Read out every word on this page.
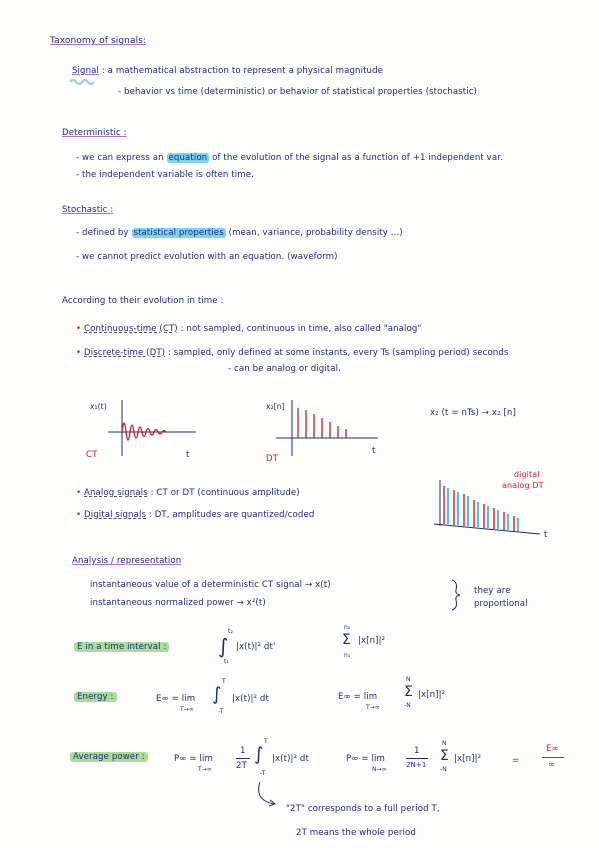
Taxonomy of signals:
Signal : a mathematical abstraction to represent a physical magnitude
- behavior vs time (deterministic) or behavior of statistical properties (stochastic)
Deterministic :
- we can express an equation of the evolution of the signal as a function of +1 independent var.
- the independent variable is often time.
Stochastic :
- defined by statistical properties (mean, variance, probability density ...)
- we cannot predict evolution with an equation. (waveform)
According to their evolution in time :
• Continuous-time (CT) : not sampled, continuous in time, also called "analog"
• Discrete-time (DT) : sampled, only defined at some instants, every Ts (sampling period) seconds
- can be analog or digital.
x₁(t)
t
CT
x₂[n]
t
DT
x₂ (t = nTs) → x₂ [n]
• Analog signals : CT or DT (continuous amplitude)
• Digital signals : DT, amplitudes are quantized/coded
digital
analog DT
t
Analysis / representation
instantaneous value of a deterministic CT signal → x(t)
instantaneous normalized power → x²(t)
they are proportional
E in a time interval :	∫
t₂
t₁
|x(t)|² dt'	Σ
n₂
n₁
|x[n]|²
Energy :	E∞ = lim
T→∞
∫
T
-T
|x(t)|² dt	E∞ = lim
T→∞
Σ
N
-N
|x[n]|²
Average power :	P∞ = lim
T→∞
1
2T
∫
T
-T
|x(t)|² dt	P∞ = lim
N→∞
1
2N+1
Σ
N
-N
|x[n]|²	=
E∞
∞
"2T" corresponds to a full period T,
2T means the whole period
